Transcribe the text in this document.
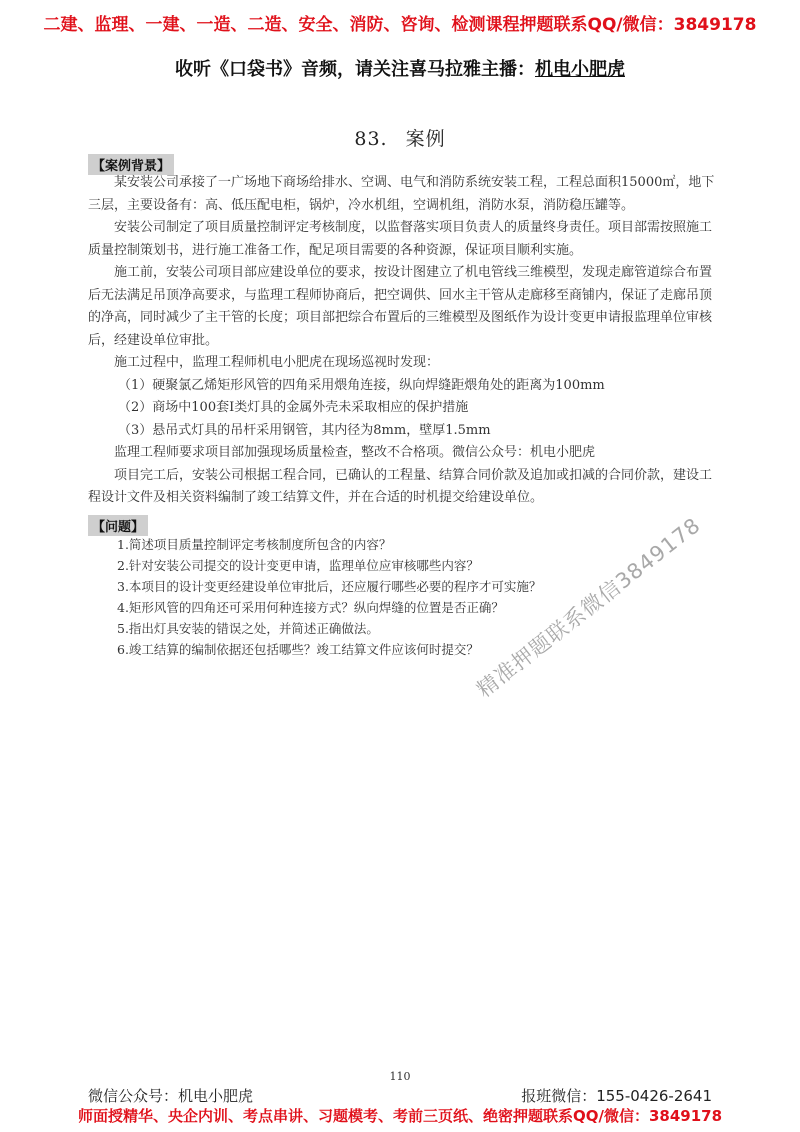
二建、监理、一建、一造、二造、安全、消防、咨询、检测课程押题联系QQ/微信：3849178
收听《口袋书》音频，请关注喜马拉雅主播：机电小肥虎
83. 案例
【案例背景】

某安装公司承接了一广场地下商场给排水、空调、电气和消防系统安装工程，工程总面积15000㎡，地下三层，主要设备有：高、低压配电柜，锅炉，冷水机组，空调机组，消防水泵，消防稳压罐等。

安装公司制定了项目质量控制评定考核制度，以监督落实项目负责人的质量终身责任。项目部需按照施工质量控制策划书，进行施工准备工作，配足项目需要的各种资源，保证项目顺利实施。

施工前，安装公司项目部应建设单位的要求，按设计图建立了机电管线三维模型，发现走廊管道综合布置后无法满足吊顶净高要求，与监理工程师协商后，把空调供、回水主干管从走廊移至商铺内，保证了走廊吊顶的净高，同时减少了主干管的长度；项目部把综合布置后的三维模型及图纸作为设计变更申请报监理单位审核后，经建设单位审批。

施工过程中，监理工程师机电小肥虎在现场巡视时发现：

（1）硬聚氯乙烯矩形风管的四角采用煨角连接，纵向焊缝距煨角处的距离为100mm

（2）商场中100套Ⅰ类灯具的金属外壳未采取相应的保护措施

（3）悬吊式灯具的吊杆采用钢管，其内径为8mm，壁厚1.5mm

监理工程师要求项目部加强现场质量检查，整改不合格项。微信公众号：机电小肥虎

项目完工后，安装公司根据工程合同，已确认的工程量、结算合同价款及追加或扣减的合同价款，建设工程设计文件及相关资料编制了竣工结算文件，并在合适的时机提交给建设单位。

【问题】

1.简述项目质量控制评定考核制度所包含的内容？

2.针对安装公司提交的设计变更申请，监理单位应审核哪些内容？

3.本项目的设计变更经建设单位审批后，还应履行哪些必要的程序才可实施？

4.矩形风管的四角还可采用何种连接方式？纵向焊缝的位置是否正确？

5.指出灯具安装的错误之处，并简述正确做法。

6.竣工结算的编制依据还包括哪些？竣工结算文件应该何时提交？

精准押题联系微信3849178
110
微信公众号：机电小肥虎	报班微信：155-0426-2641
师面授精华、央企内训、考点串讲、习题模考、考前三页纸、绝密押题联系QQ/微信：3849178
